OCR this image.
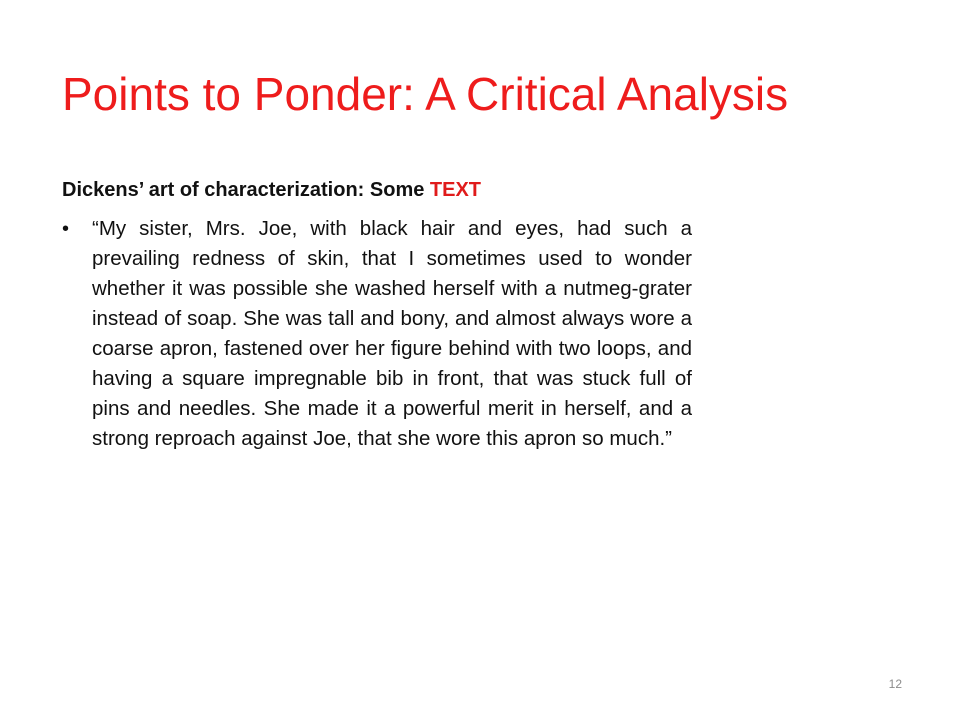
Points to Ponder: A Critical Analysis

Dickens’ art of characterization: Some TEXT

• “My sister, Mrs. Joe, with black hair and eyes, had such a prevailing redness of skin, that I sometimes used to wonder whether it was possible she washed herself with a nutmeg-grater instead of soap. She was tall and bony, and almost always wore a coarse apron, fastened over her figure behind with two loops, and having a square impregnable bib in front, that was stuck full of pins and needles. She made it a powerful merit in herself, and a strong reproach against Joe, that she wore this apron so much.”

12
